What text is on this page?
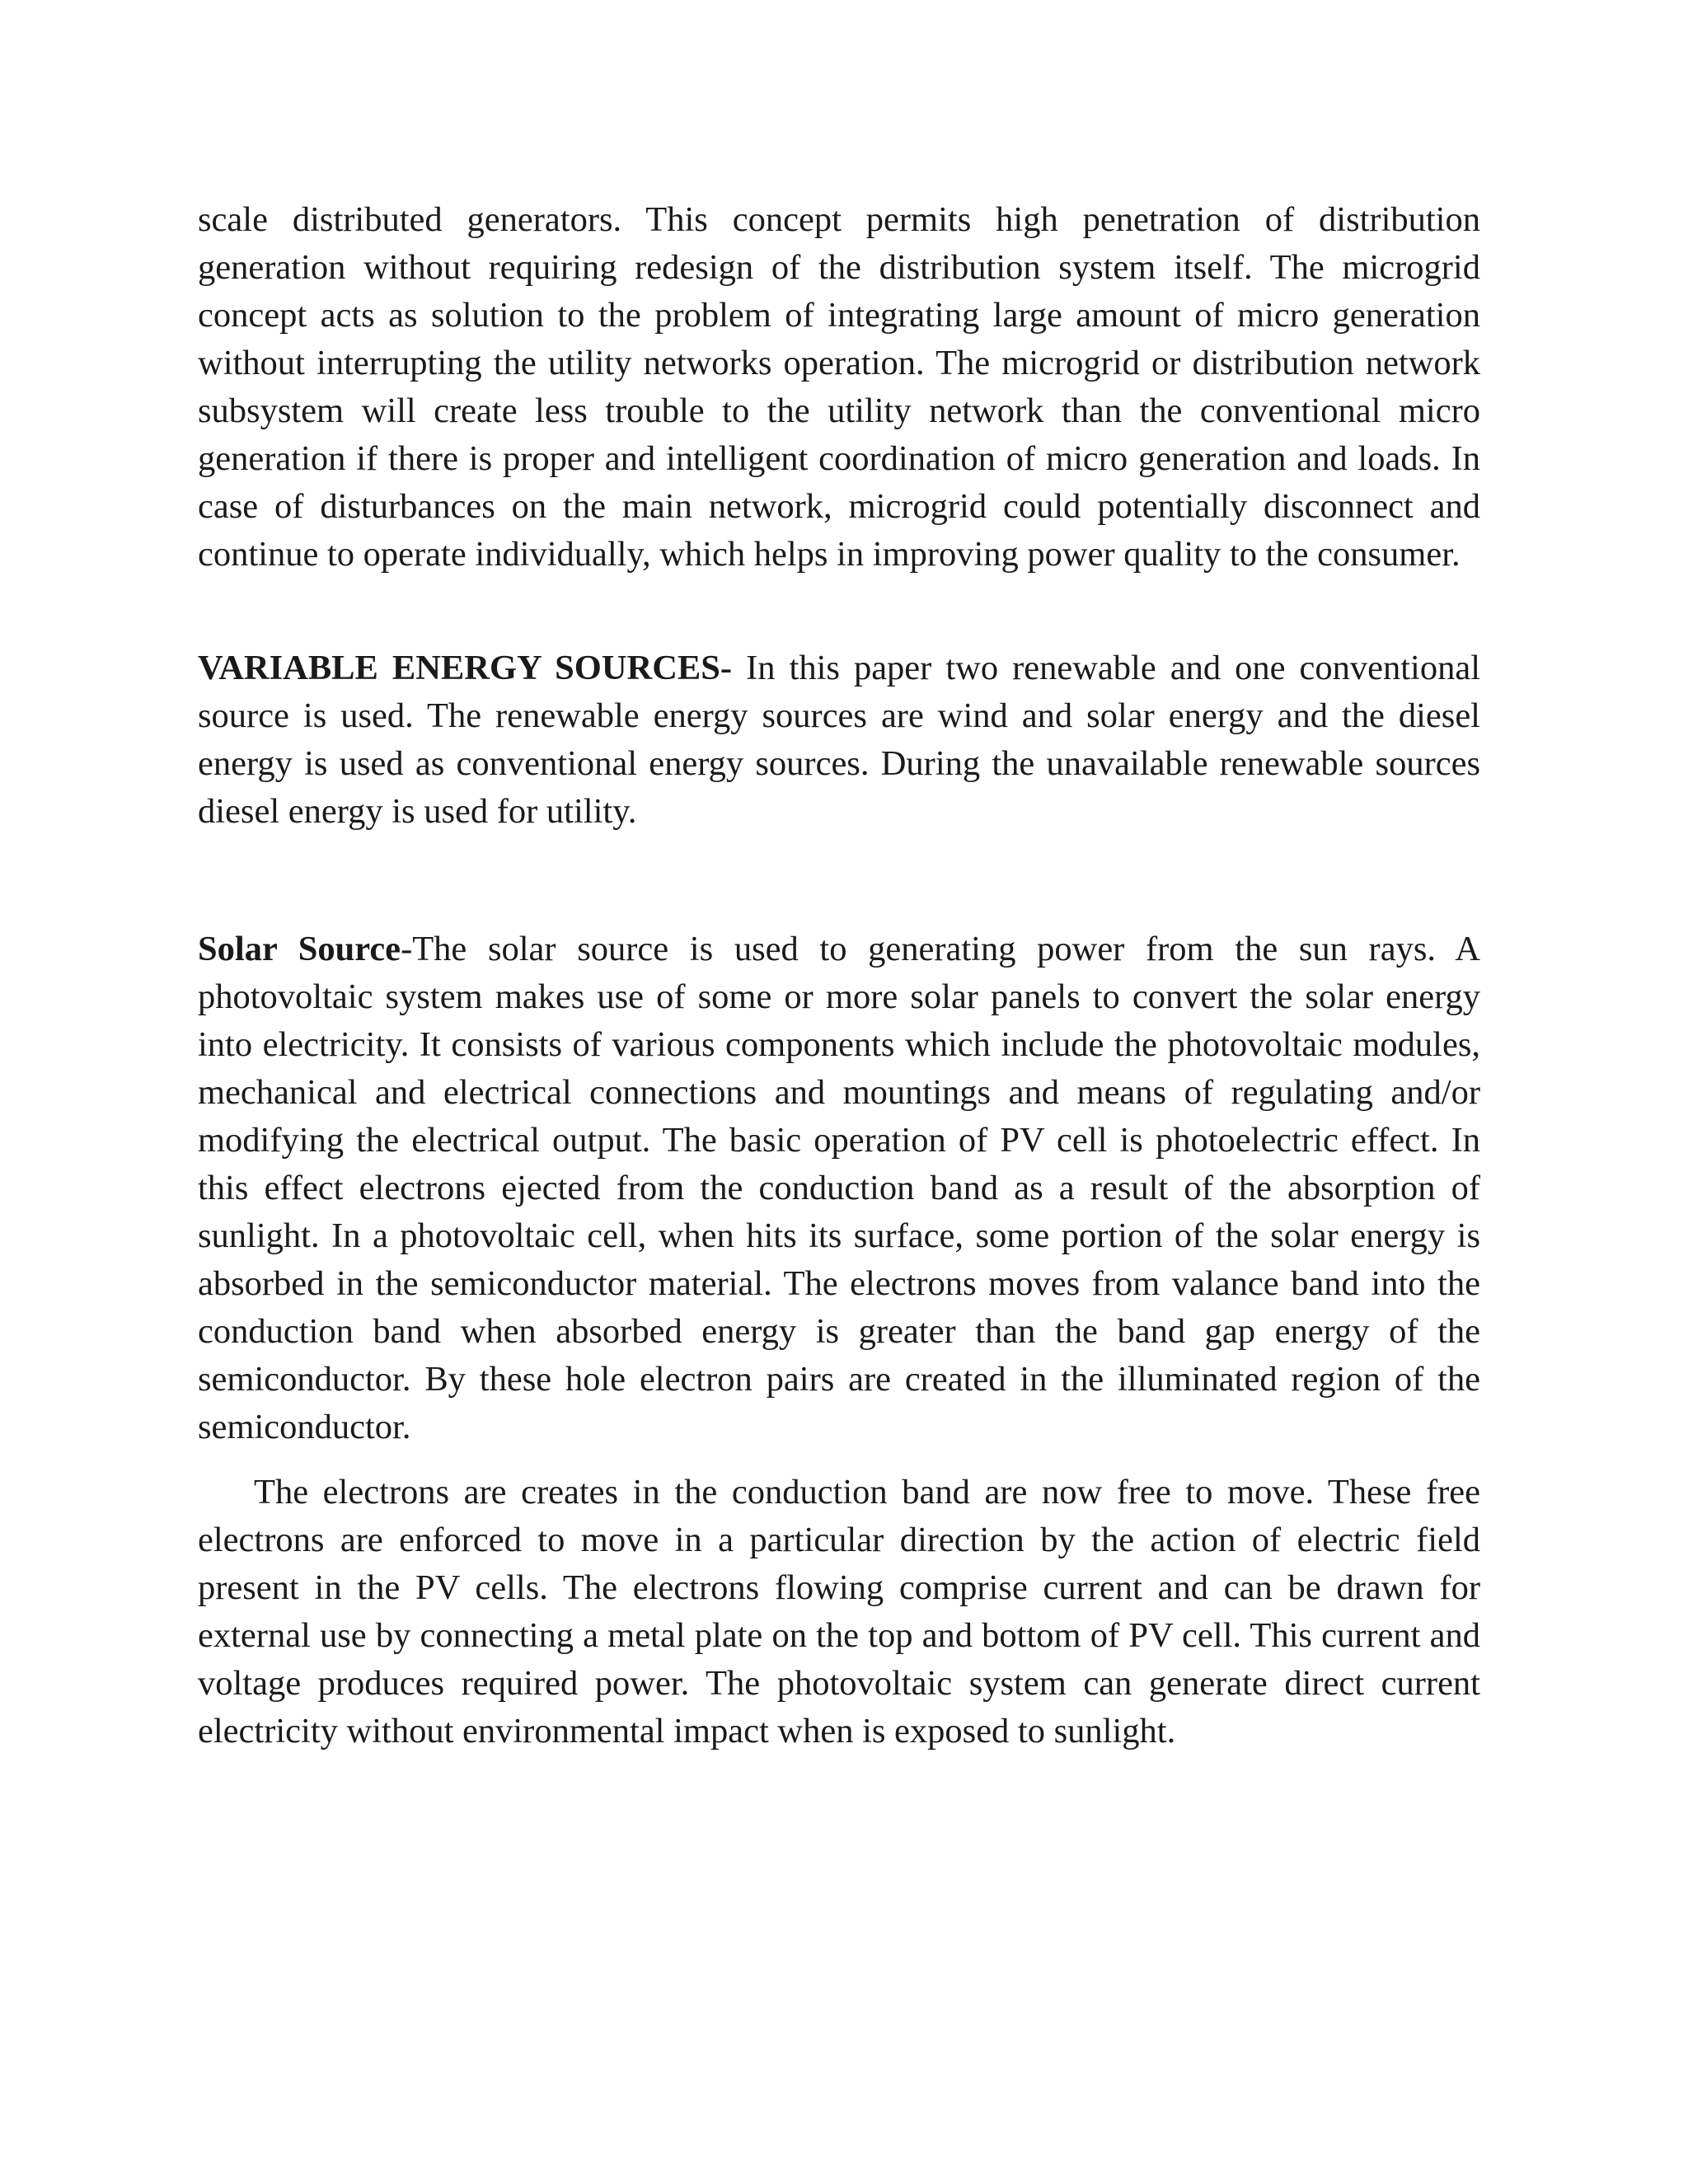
scale distributed generators. This concept permits high penetration of distribution generation without requiring redesign of the distribution system itself. The microgrid concept acts as solution to the problem of integrating large amount of micro generation without interrupting the utility networks operation. The microgrid or distribution network subsystem will create less trouble to the utility network than the conventional micro generation if there is proper and intelligent coordination of micro generation and loads. In case of disturbances on the main network, microgrid could potentially disconnect and continue to operate individually, which helps in improving power quality to the consumer.

VARIABLE ENERGY SOURCES- In this paper two renewable and one conventional source is used. The renewable energy sources are wind and solar energy and the diesel energy is used as conventional energy sources. During the unavailable renewable sources diesel energy is used for utility.

Solar Source-The solar source is used to generating power from the sun rays. A photovoltaic system makes use of some or more solar panels to convert the solar energy into electricity. It consists of various components which include the photovoltaic modules, mechanical and electrical connections and mountings and means of regulating and/or modifying the electrical output. The basic operation of PV cell is photoelectric effect. In this effect electrons ejected from the conduction band as a result of the absorption of sunlight. In a photovoltaic cell, when hits its surface, some portion of the solar energy is absorbed in the semiconductor material. The electrons moves from valance band into the conduction band when absorbed energy is greater than the band gap energy of the semiconductor. By these hole electron pairs are created in the illuminated region of the semiconductor.

The electrons are creates in the conduction band are now free to move. These free electrons are enforced to move in a particular direction by the action of electric field present in the PV cells. The electrons flowing comprise current and can be drawn for external use by connecting a metal plate on the top and bottom of PV cell. This current and voltage produces required power. The photovoltaic system can generate direct current electricity without environmental impact when is exposed to sunlight.
